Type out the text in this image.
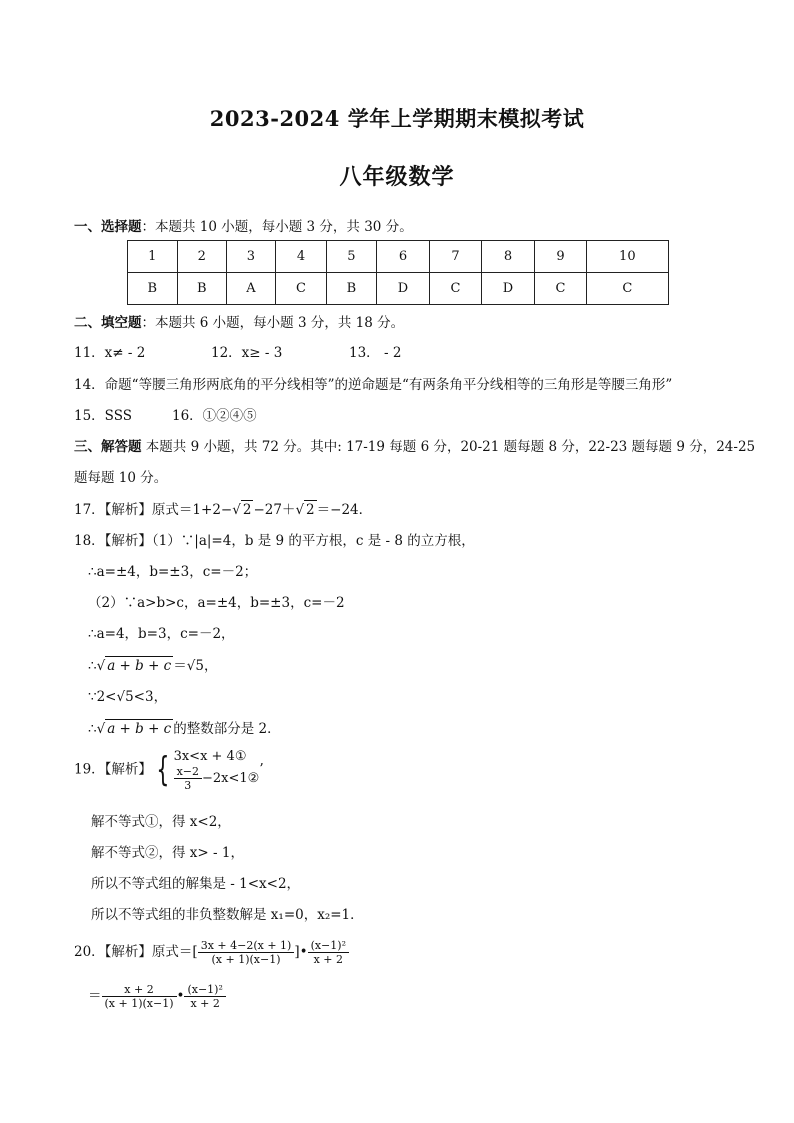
2023-2024 学年上学期期末模拟考试
八年级数学
一、选择题：本题共 10 小题，每小题 3 分，共 30 分。
1	2	3	4	5	6	7	8	9	10
B	B	A	C	B	D	C	D	C	C
二、填空题：本题共 6 小题，每小题 3 分，共 18 分。
11．x≠ - 2	12．x≥ - 3	13． - 2
14．命题“等腰三角形两底角的平分线相等”的逆命题是“有两条角平分线相等的三角形是等腰三角形”
15．SSS	16．①②④⑤
三、解答题 本题共 9 小题，共 72 分。其中: 17-19 每题 6 分，20-21 题每题 8 分，22-23 题每题 9 分，24-25
题每题 10 分。
17．【解析】原式＝1+2−√ 2 −27＋√ 2 ＝−24．
18．【解析】（1）∵|a|=4，b 是 9 的平方根，c 是 - 8 的立方根，
∴a=±4，b=±3，c=－2；
（2）∵a>b>c，a=±4，b=±3，c=－2
∴a=4，b=3，c=－2，
∴√ a + b + c ＝√5，
∵2<√5<3，
∴√ a + b + c 的整数部分是 2．
19．【解析】 { 3x<x + 4①
$\frac{x-2}{3}$ −2x<1②
’
解不等式①，得 x<2，
解不等式②，得 x> - 1，
所以不等式组的解集是 - 1<x<2，
所以不等式组的非负整数解是 x₁=0，x₂=1．
20．【解析】原式＝[ $\frac{3x + 4-2(x + 1)}{(x + 1)(x-1)}$ ]• $\frac{\text{(x−1)²}}{x + 2}$
＝ $\frac{x + 2}{(x + 1)(x-1)}$ • $\frac{\text{(x−1)²}}{x + 2}$
